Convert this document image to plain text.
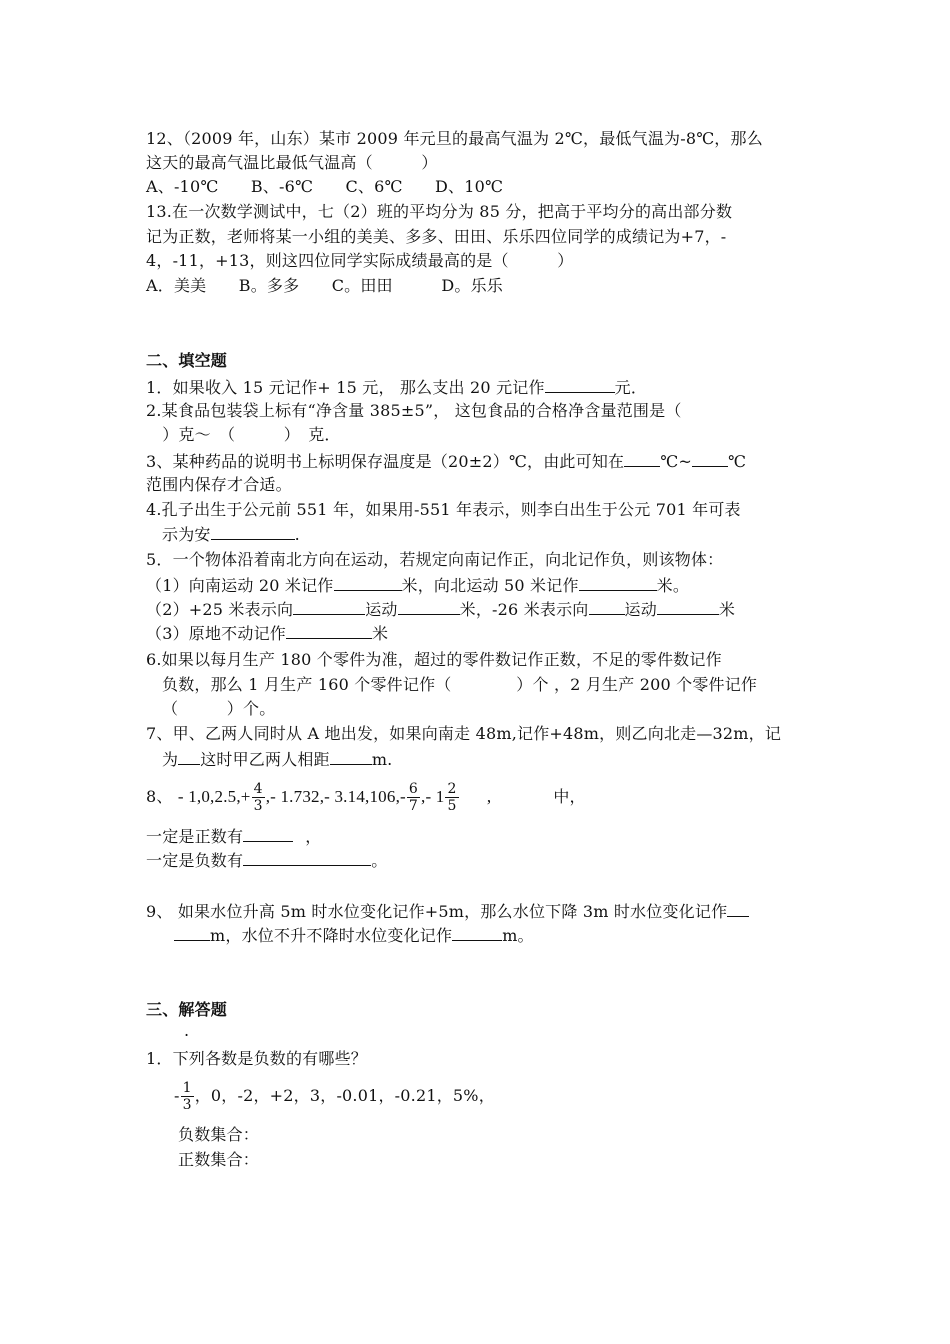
12、（2009 年，山东）某市 2009 年元旦的最高气温为 2℃，最低气温为-8℃，那么
这天的最高气温比最低气温高（　　　）
A、-10℃　　B、-6℃　　C、6℃　　D、10℃
13.在一次数学测试中，七（2）班的平均分为 85 分，把高于平均分的高出部分数
记为正数，老师将某一小组的美美、多多、田田、乐乐四位同学的成绩记为+7，-
4，-11，+13，则这四位同学实际成绩最高的是（　　　）
A．美美　　B。多多　　C。田田　　　D。乐乐
二、填空题
1．如果收入 15 元记作+ 15 元， 那么支出 20 元记作	元．
2.某食品包装袋上标有“净含量 385±5”， 这包食品的合格净含量范围是（
　）克～　（　　　）　克．
3、某种药品的说明书上标明保存温度是（20±2）℃，由此可知在 ℃~ ℃
范围内保存才合适。
4.孔子出生于公元前 551 年，如果用-551 年表示，则李白出生于公元 701 年可表
示为安	.
5．一个物体沿着南北方向在运动，若规定向南记作正，向北记作负，则该物体：
（1）向南运动 20 米记作	米，向北运动 50 米记作	米。
（2）+25 米表示向	运动	米，-26 米表示向 运动	米
（3）原地不动记作	米
6.如果以每月生产 180 个零件为准，超过的零件数记作正数，不足的零件数记作
负数，那么 1 月生产 160 个零件记作（　　　　）个 ，2 月生产 200 个零件记作
（　　　）个。
7、甲、乙两人同时从 A 地出发，如果向南走 48m,记作+48m，则乙向北走—32m，记
为 这时甲乙两人相距	m.
8、 - $1,0,2.5,+ \frac{4}{3}$ ,- 1.732,- $3.14,106,- \frac{6}{7}$ ,- $1 \frac{2}{5}$ ,	中，
一定是正数有	，
一定是负数有	。
9、 如果水位升高 5m 时水位变化记作+5m，那么水位下降 3m 时水位变化记作
m，水位不升不降时水位变化记作	m。
三、解答题
.
1．下列各数是负数的有哪些？
- $\frac{1}{3}$ ，0，-2，+2，3，-0.01，-0.21，5%，
负数集合：
正数集合：
